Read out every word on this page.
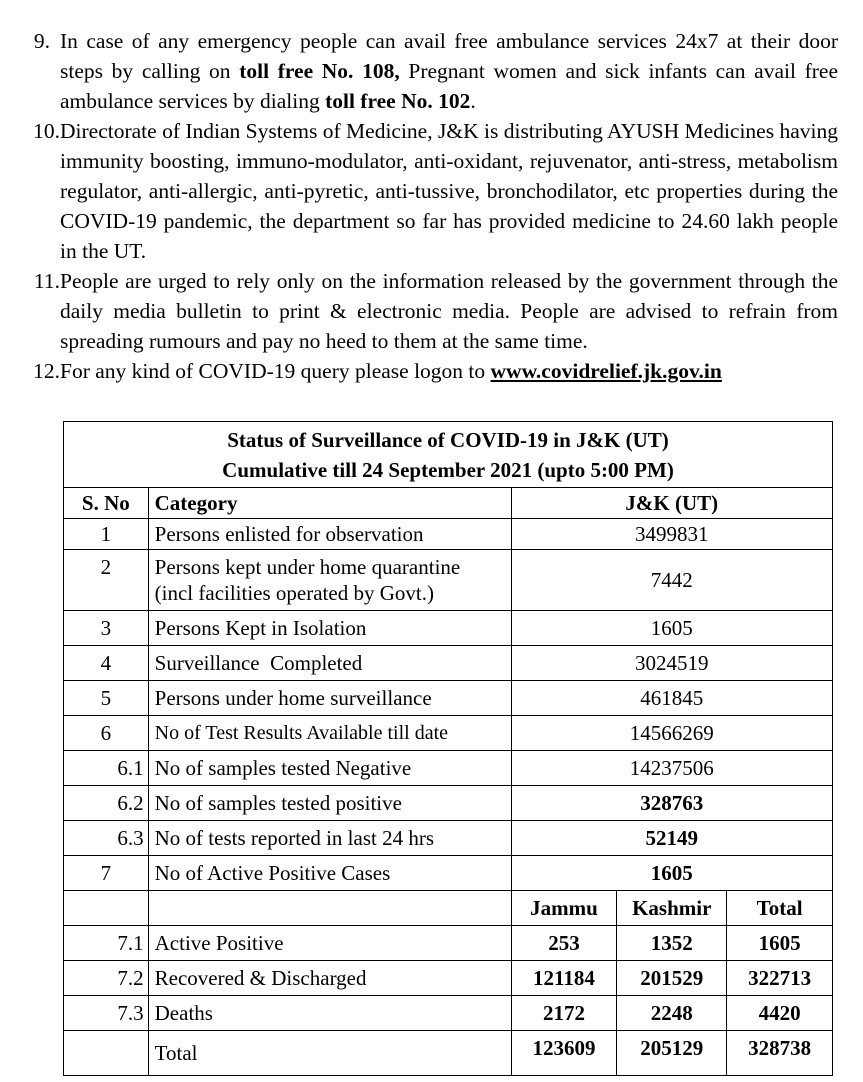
9. In case of any emergency people can avail free ambulance services 24x7 at their door steps by calling on toll free No. 108, Pregnant women and sick infants can avail free ambulance services by dialing toll free No. 102.
10. Directorate of Indian Systems of Medicine, J&K is distributing AYUSH Medicines having immunity boosting, immuno-modulator, anti-oxidant, rejuvenator, anti-stress, metabolism regulator, anti-allergic, anti-pyretic, anti-tussive, bronchodilator, etc properties during the COVID-19 pandemic, the department so far has provided medicine to 24.60 lakh people in the UT.
11. People are urged to rely only on the information released by the government through the daily media bulletin to print & electronic media. People are advised to refrain from spreading rumours and pay no heed to them at the same time.
12. For any kind of COVID-19 query please logon to www.covidrelief.jk.gov.in
Status of Surveillance of COVID-19 in J&K (UT)
Cumulative till 24 September 2021 (upto 5:00 PM)				

S. No	Category	J&K (UT)		
1	Persons enlisted for observation	3499831		
2	Persons kept under home quarantine
(incl facilities operated by Govt.)	7442		
3	Persons Kept in Isolation	1605		
4	Surveillance  Completed	3024519		
5	Persons under home surveillance	461845		
6	No of Test Results Available till date	14566269		
6.1	No of samples tested Negative	14237506		
6.2	No of samples tested positive	328763		
6.3	No of tests reported in last 24 hrs	52149		
7	No of Active Positive Cases	1605		
		Jammu	Kashmir	Total
7.1	Active Positive	253	1352	1605
7.2	Recovered & Discharged	121184	201529	322713
7.3	Deaths	2172	2248	4420
	Total	123609	205129	328738
